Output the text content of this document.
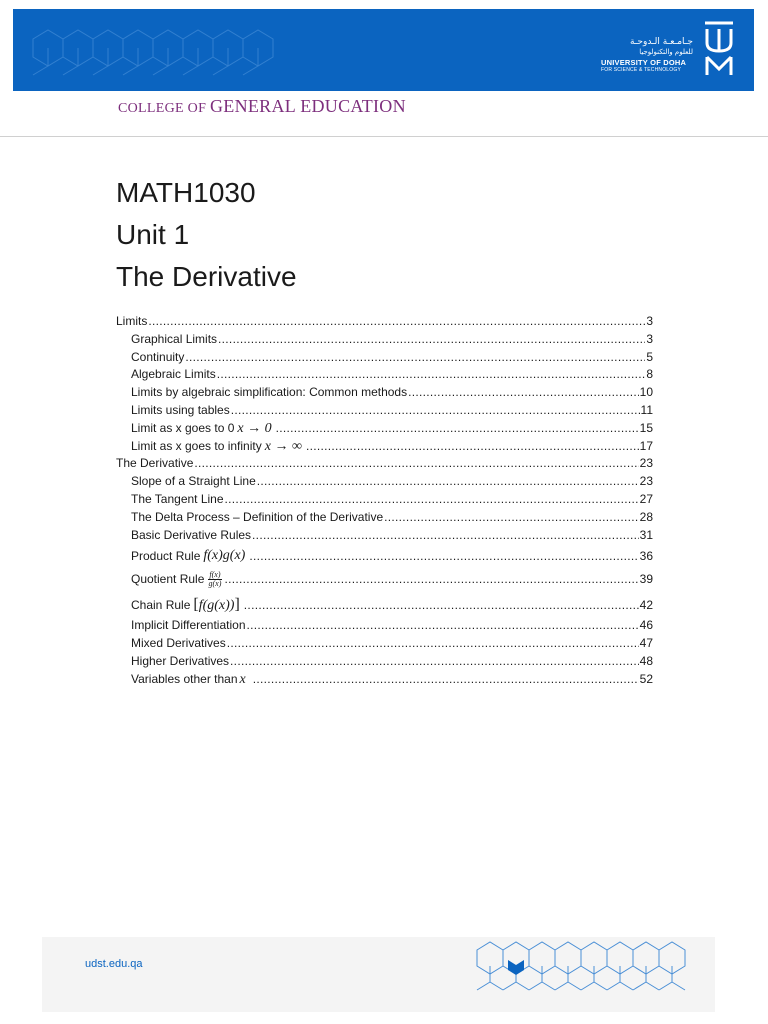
جـامـعـة الـدوحـة
للعلوم والتكنولوجيا
UNIVERSITY OF DOHA
FOR SCIENCE & TECHNOLOGY
COLLEGE OF GENERAL EDUCATION
MATH1030
Unit 1
The Derivative
Limits .....	3
Graphical Limits .....	3
Continuity .....	5
Algebraic Limits .....	8
Limits by algebraic simplification: Common methods .....	10
Limits using tables .....	11
Limit as x goes to 0 x → 0 .....	15
Limit as x goes to infinity x → ∞ .....	17
The Derivative .....	23
Slope of a Straight Line .....	23
The Tangent Line .....	27
The Delta Process – Definition of the Derivative .....	28
Basic Derivative Rules .....	31
Product Rule f(x)g(x) .....	36
Quotient Rule $\frac{f(x)}{g(x)}$ .....	39
Chain Rule [f(g(x))] .....	42
Implicit Differentiation .....	46
Mixed Derivatives .....	47
Higher Derivatives .....	48
Variables other than x .....	52
udst.edu.qa
